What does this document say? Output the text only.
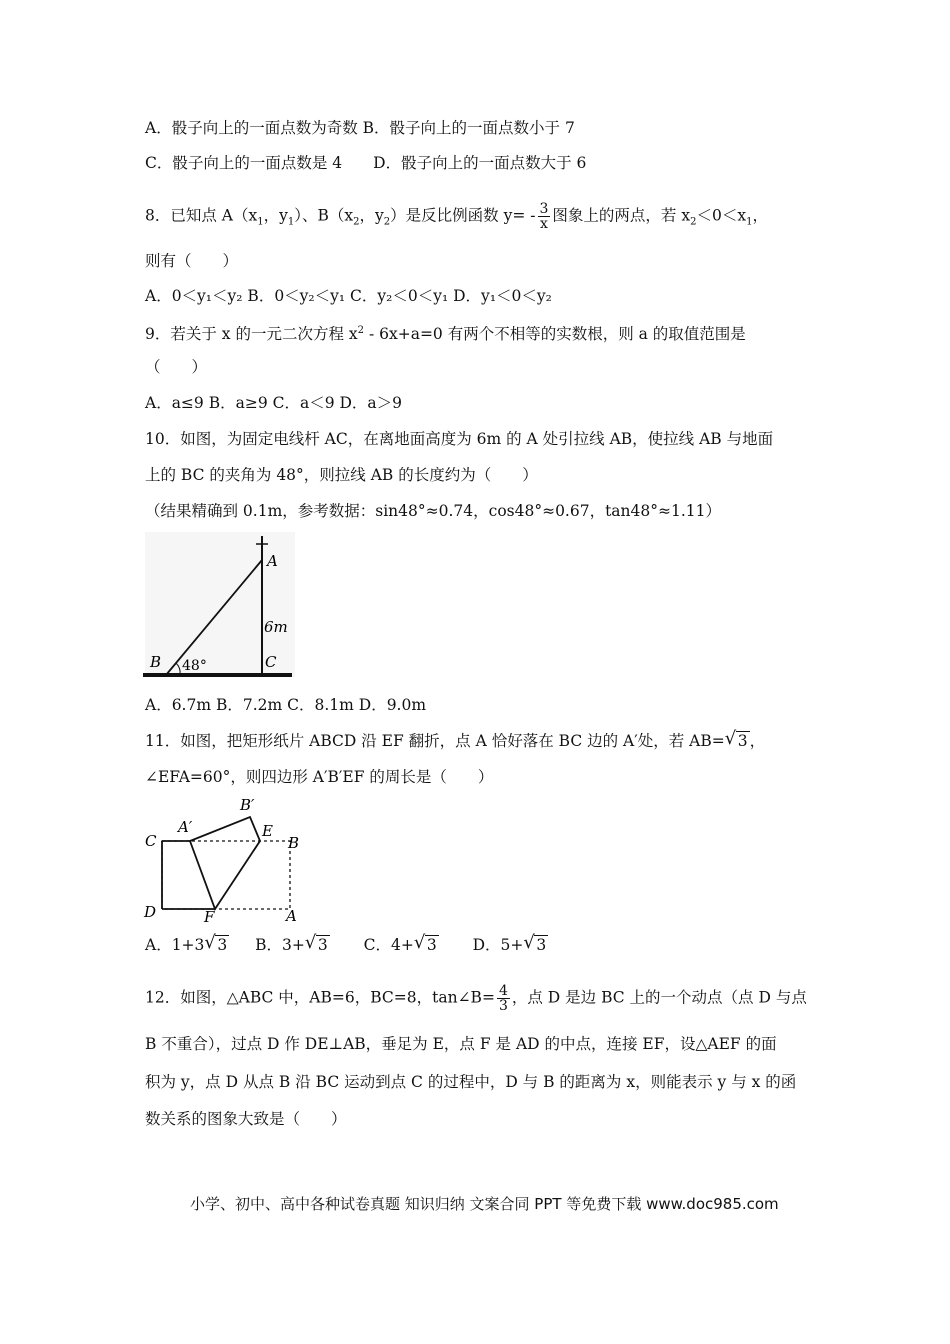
A．骰子向上的一面点数为奇数 B．骰子向上的一面点数小于 7
C．骰子向上的一面点数是 4　　D．骰子向上的一面点数大于 6
8．已知点 $A(x_1$，$y_1$）、$B(x_2$，$y_2$）是反比例函数 $y= - \frac{3}{x}$ 图象上的两点，若 $x_2<0<x_1$，
则有（　　）
A．0＜y₁＜y₂ B．0＜y₂＜y₁ C．y₂＜0＜y₁ D．y₁＜0＜y₂
9．若关于 x 的一元二次方程 $x^2 - 6x+a=0$ 有两个不相等的实数根，则 a 的取值范围是
（　　）
A．a≤9 B．a≥9 C．a＜9 D．a＞9
10．如图，为固定电线杆 AC，在离地面高度为 6m 的 A 处引拉线 AB，使拉线 AB 与地面
上的 BC 的夹角为 48°，则拉线 AB 的长度约为（　　）
（结果精确到 0.1m，参考数据：sin48°≈0.74，cos48°≈0.67，tan48°≈1.11）
A
6m
C
B 48°
A．6.7m B．7.2m C．8.1m D．9.0m
11．如图，把矩形纸片 ABCD 沿 EF 翻折，点 A 恰好落在 BC 边的 A′处，若 AB= √ 3 ，
∠EFA=60°，则四边形 A′B′EF 的周长是（　　）
C
A′
B′
E
B
D	F	A
A．1+3 √ 3 B．3+ √ 3 C．4+ √ 3 D．5+ √ 3
12．如图，△ABC 中，AB=6，BC=8，tan∠B= $\frac{4}{3}$ ，点 D 是边 BC 上的一个动点（点 D 与点
B 不重合），过点 D 作 DE⊥AB，垂足为 E，点 F 是 AD 的中点，连接 EF，设△AEF 的面
积为 y，点 D 从点 B 沿 BC 运动到点 C 的过程中，D 与 B 的距离为 x，则能表示 y 与 x 的函
数关系的图象大致是（　　）
小学、初中、高中各种试卷真题 知识归纳 文案合同 PPT 等免费下载 www.doc985.com
